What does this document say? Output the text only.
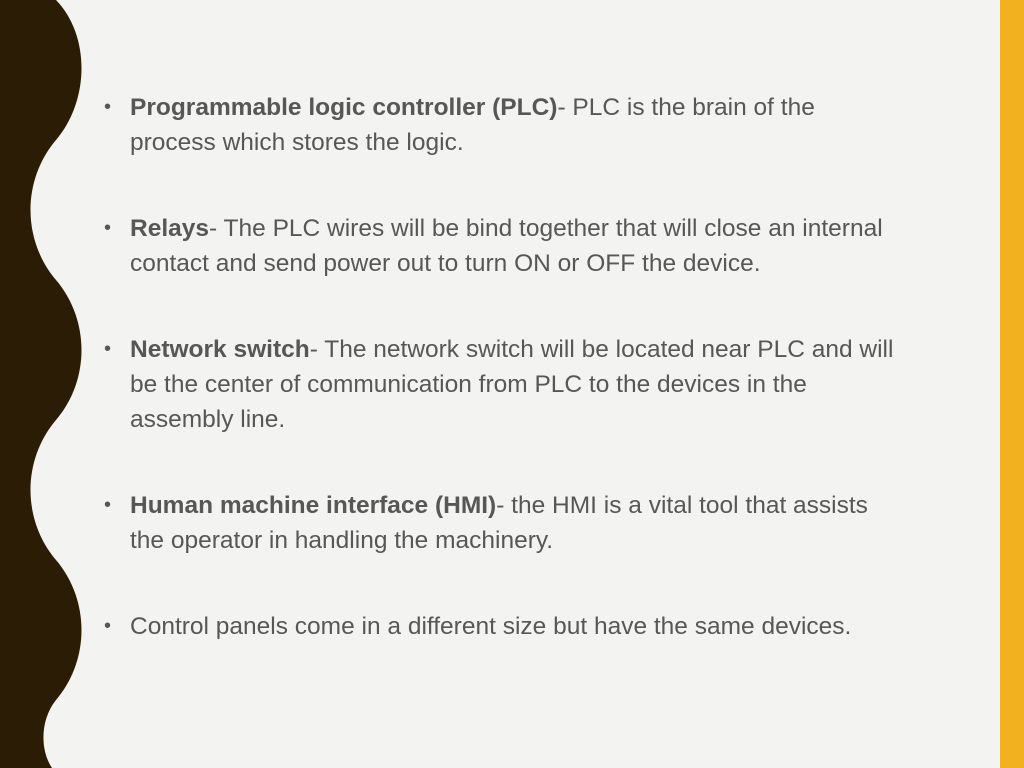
• Programmable logic controller (PLC)- PLC is the brain of the process which stores the logic.
• Relays- The PLC wires will be bind together that will close an internal contact and send power out to turn ON or OFF the device.
• Network switch- The network switch will be located near PLC and will be the center of communication from PLC to the devices in the assembly line.
• Human machine interface (HMI)- the HMI is a vital tool that assists the operator in handling the machinery.
• Control panels come in a different size but have the same devices.
